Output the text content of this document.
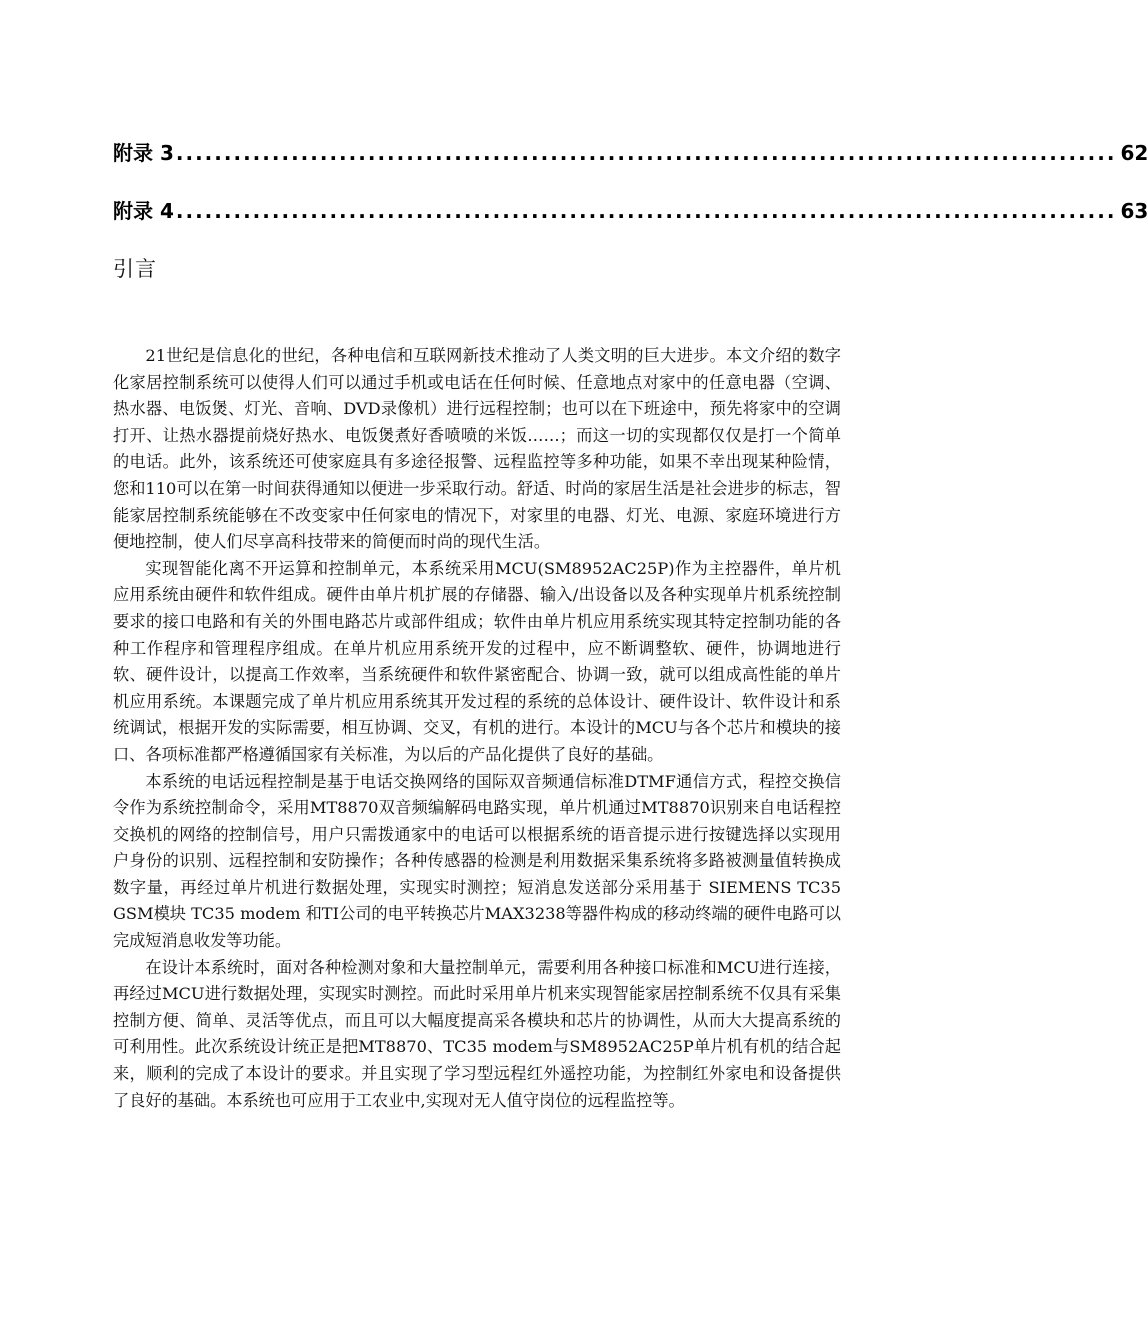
附录 3 .................................................................................................. 62
附录 4 .................................................................................................. 63
引言

21世纪是信息化的世纪，各种电信和互联网新技术推动了人类文明的巨大进步。本文介绍的数字化家居控制系统可以使得人们可以通过手机或电话在任何时候、任意地点对家中的任意电器（空调、热水器、电饭煲、灯光、音响、DVD录像机）进行远程控制；也可以在下班途中，预先将家中的空调打开、让热水器提前烧好热水、电饭煲煮好香喷喷的米饭……；而这一切的实现都仅仅是打一个简单的电话。此外，该系统还可使家庭具有多途径报警、远程监控等多种功能，如果不幸出现某种险情，您和110可以在第一时间获得通知以便进一步采取行动。舒适、时尚的家居生活是社会进步的标志，智能家居控制系统能够在不改变家中任何家电的情况下，对家里的电器、灯光、电源、家庭环境进行方便地控制，使人们尽享高科技带来的简便而时尚的现代生活。

实现智能化离不开运算和控制单元，本系统采用MCU(SM8952AC25P)作为主控器件，单片机应用系统由硬件和软件组成。硬件由单片机扩展的存储器、输入/出设备以及各种实现单片机系统控制要求的接口电路和有关的外围电路芯片或部件组成；软件由单片机应用系统实现其特定控制功能的各种工作程序和管理程序组成。在单片机应用系统开发的过程中，应不断调整软、硬件，协调地进行软、硬件设计，以提高工作效率，当系统硬件和软件紧密配合、协调一致，就可以组成高性能的单片机应用系统。本课题完成了单片机应用系统其开发过程的系统的总体设计、硬件设计、软件设计和系统调试，根据开发的实际需要，相互协调、交叉，有机的进行。本设计的MCU与各个芯片和模块的接口、各项标准都严格遵循国家有关标准，为以后的产品化提供了良好的基础。

本系统的电话远程控制是基于电话交换网络的国际双音频通信标准DTMF通信方式，程控交换信令作为系统控制命令，采用MT8870双音频编解码电路实现，单片机通过MT8870识别来自电话程控交换机的网络的控制信号，用户只需拨通家中的电话可以根据系统的语音提示进行按键选择以实现用户身份的识别、远程控制和安防操作；各种传感器的检测是利用数据采集系统将多路被测量值转换成数字量，再经过单片机进行数据处理，实现实时测控；短消息发送部分采用基于 SIEMENS TC35 GSM模块 TC35 modem 和TI公司的电平转换芯片MAX3238等器件构成的移动终端的硬件电路可以完成短消息收发等功能。

在设计本系统时，面对各种检测对象和大量控制单元，需要利用各种接口标准和MCU进行连接，再经过MCU进行数据处理，实现实时测控。而此时采用单片机来实现智能家居控制系统不仅具有采集控制方便、简单、灵活等优点，而且可以大幅度提高采各模块和芯片的协调性，从而大大提高系统的可利用性。此次系统设计统正是把MT8870、TC35 modem与SM8952AC25P单片机有机的结合起来，顺利的完成了本设计的要求。并且实现了学习型远程红外遥控功能，为控制红外家电和设备提供了良好的基础。本系统也可应用于工农业中,实现对无人值守岗位的远程监控等。
